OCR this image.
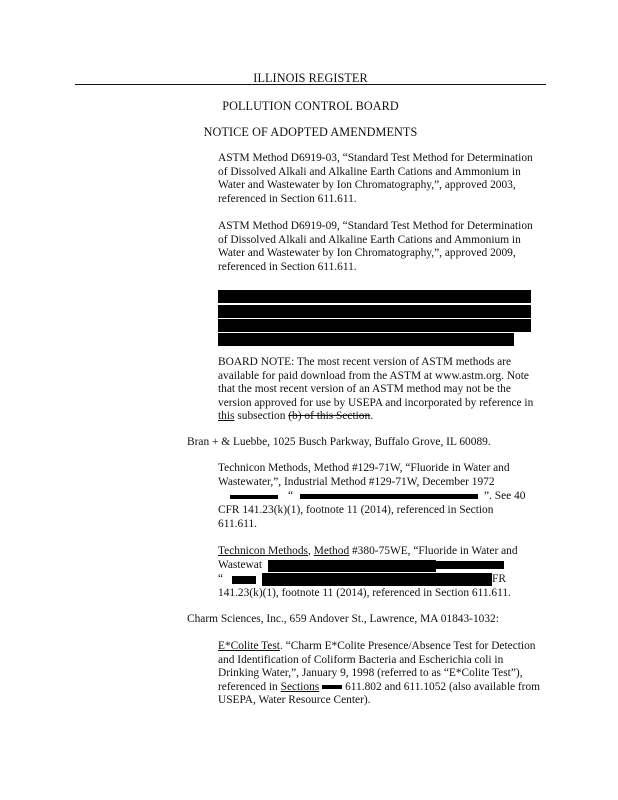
ILLINOIS REGISTER
POLLUTION CONTROL BOARD
NOTICE OF ADOPTED AMENDMENTS
ASTM Method D6919-03, “Standard Test Method for Determination of Dissolved Alkali and Alkaline Earth Cations and Ammonium in Water and Wastewater by Ion Chromatography,”, approved 2003, referenced in Section 611.611.
ASTM Method D6919-09, “Standard Test Method for Determination of Dissolved Alkali and Alkaline Earth Cations and Ammonium in Water and Wastewater by Ion Chromatography,”, approved 2009, referenced in Section 611.611.
BOARD NOTE: The most recent version of ASTM methods are available for paid download from the ASTM at www.astm.org. Note that the most recent version of an ASTM method may not be the version approved for use by USEPA and incorporated by reference in this subsection (b) of this Section.
Bran + & Luebbe, 1025 Busch Parkway, Buffalo Grove, IL 60089.
Technicon Methods, Method #129-71W, “Fluoride in Water and
Wastewater,”, Industrial Method #129-71W, December 1972
“	”. See 40
CFR 141.23(k)(1), footnote 11 (2014), referenced in Section
611.611.
Technicon Methods, Method #380-75WE, “Fluoride in Water and
Wastewat
“	FR
141.23(k)(1), footnote 11 (2014), referenced in Section 611.611.
Charm Sciences, Inc., 659 Andover St., Lawrence, MA 01843-1032:
E*Colite Test. “Charm E*Colite Presence/Absence Test for Detection and Identification of Coliform Bacteria and Escherichia coli in Drinking Water,”, January 9, 1998 (referred to as “E*Colite Test”), referenced in Sections 611.802 and 611.1052 (also available from USEPA, Water Resource Center).
